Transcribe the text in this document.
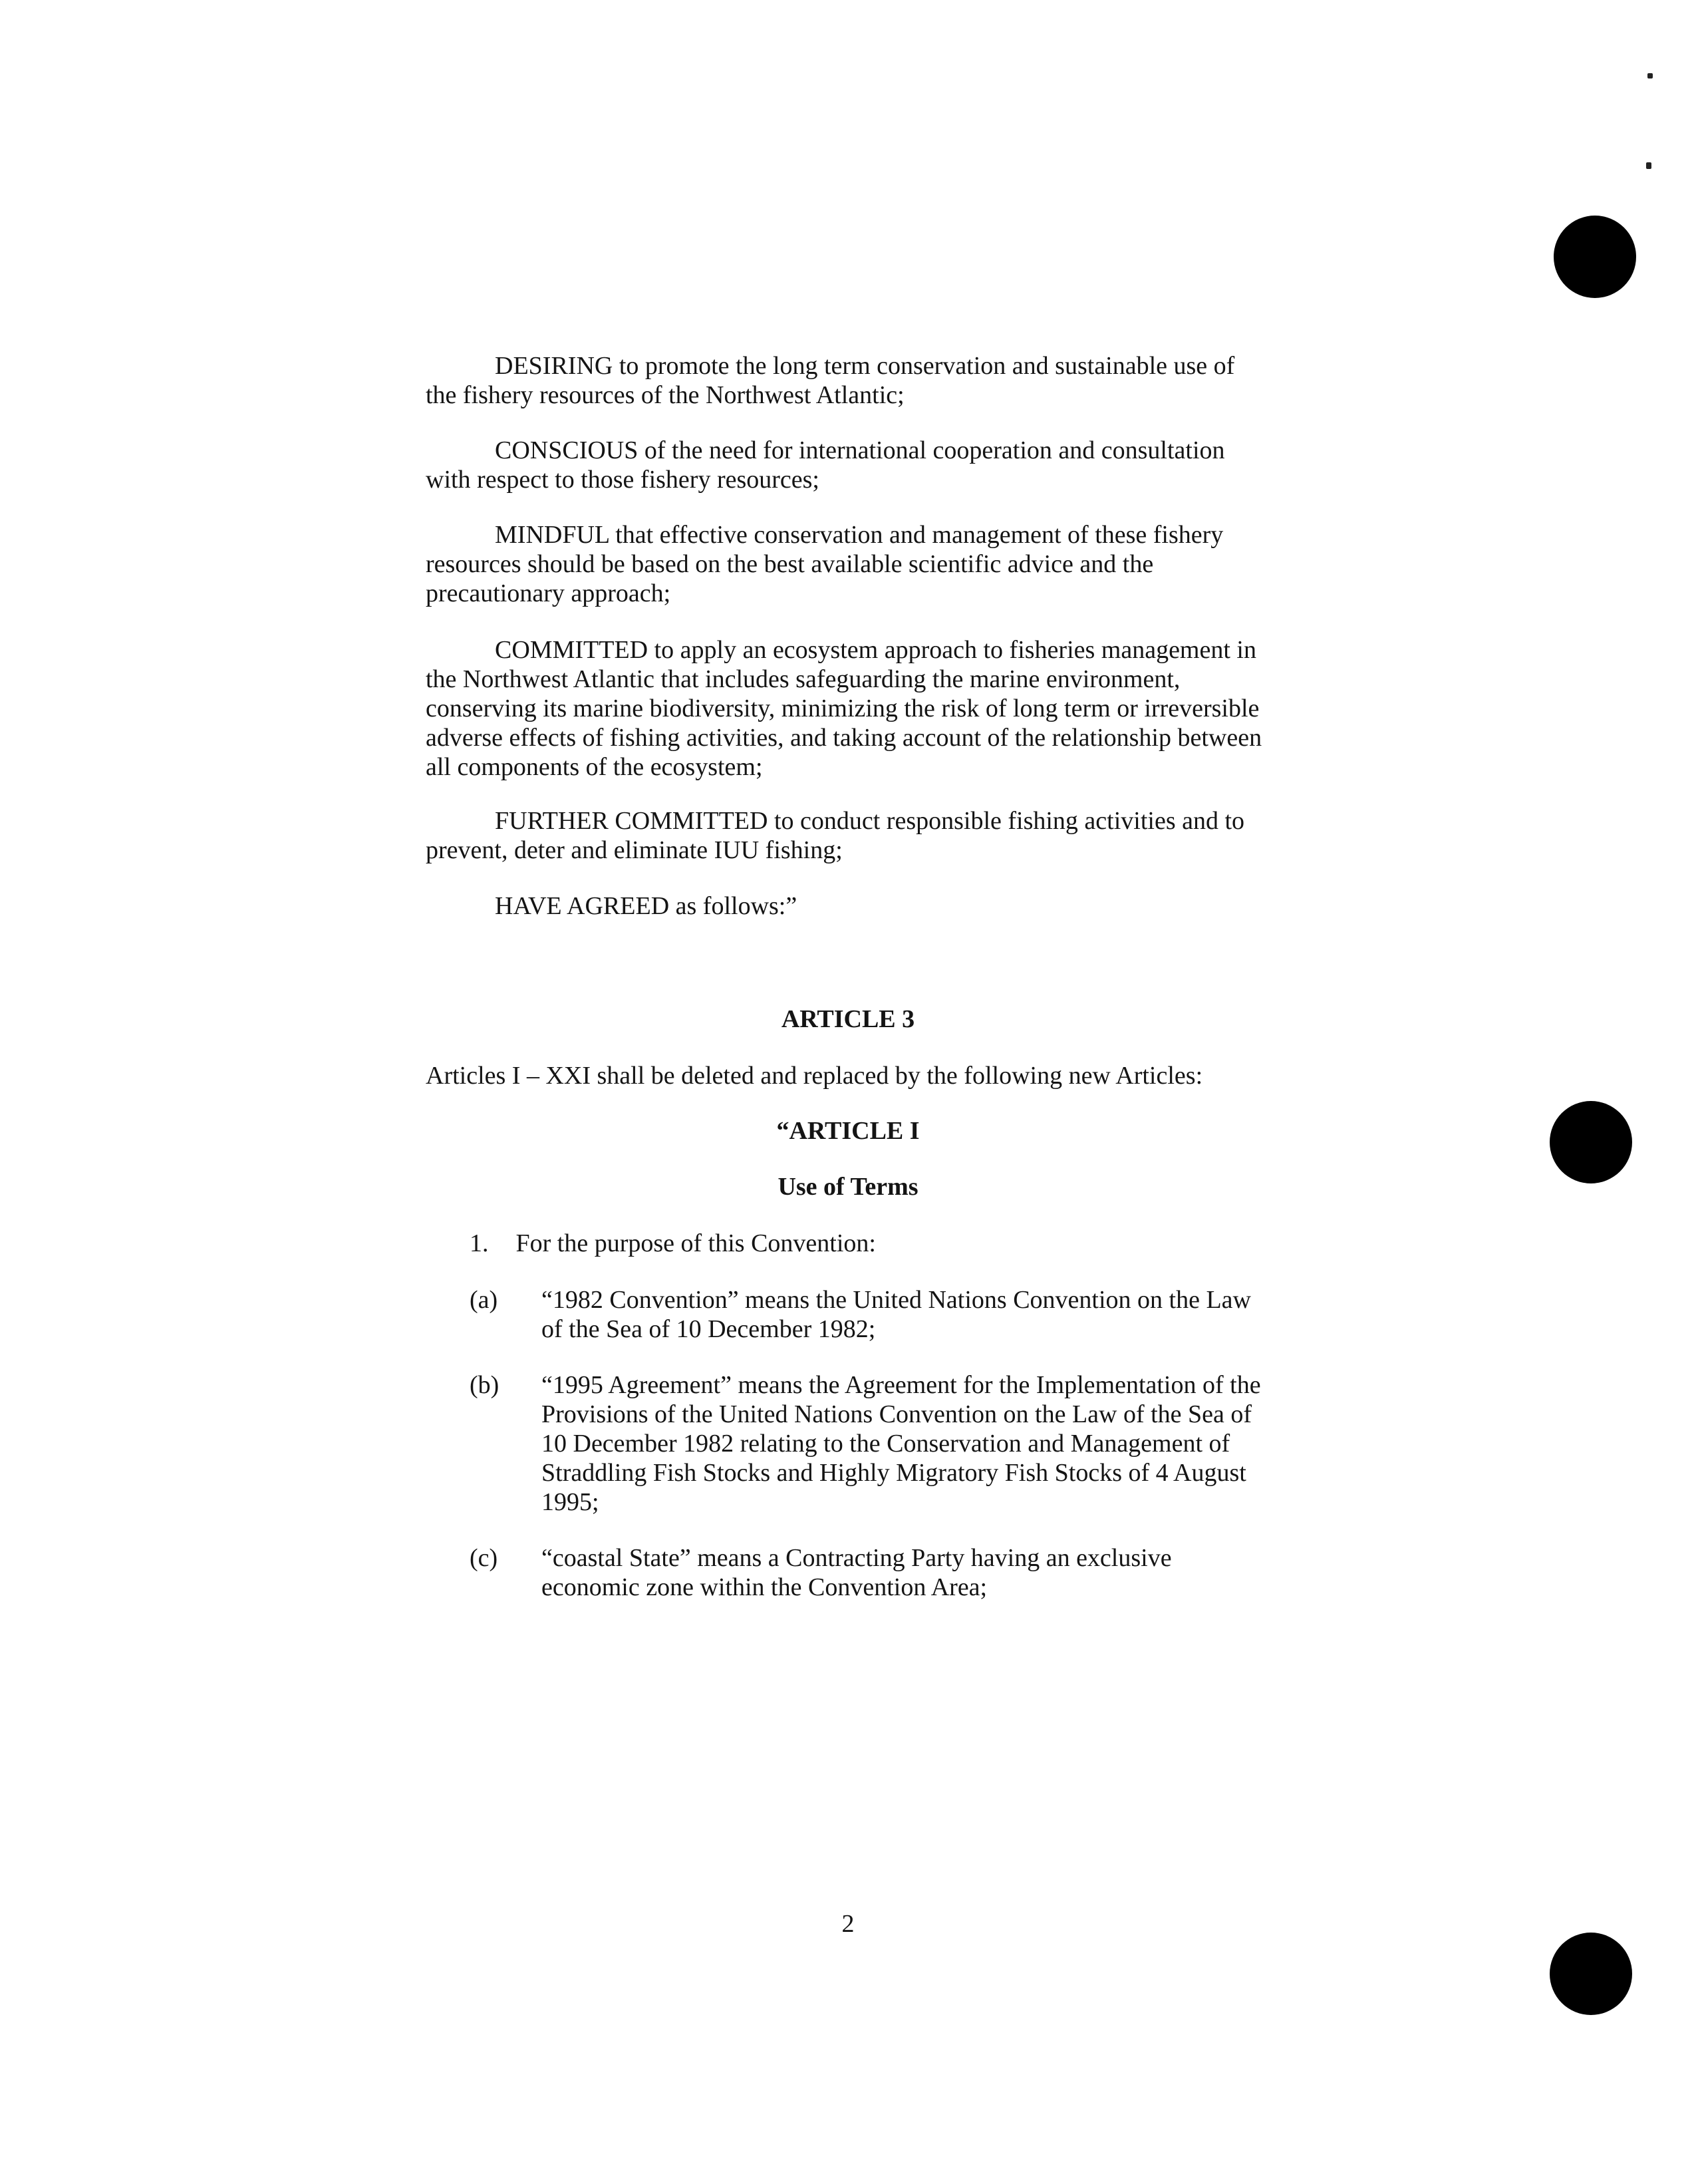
DESIRING to promote the long term conservation and sustainable use of the fishery resources of the Northwest Atlantic;

CONSCIOUS of the need for international cooperation and consultation with respect to those fishery resources;

MINDFUL that effective conservation and management of these fishery resources should be based on the best available scientific advice and the precautionary approach;

COMMITTED to apply an ecosystem approach to fisheries management in the Northwest Atlantic that includes safeguarding the marine environment, conserving its marine biodiversity, minimizing the risk of long term or irreversible adverse effects of fishing activities, and taking account of the relationship between all components of the ecosystem;

FURTHER COMMITTED to conduct responsible fishing activities and to prevent, deter and eliminate IUU fishing;

HAVE AGREED as follows:”

ARTICLE 3

Articles I – XXI shall be deleted and replaced by the following new Articles:

“ARTICLE I

Use of Terms

1. For the purpose of this Convention:
(a)	“1982 Convention” means the United Nations Convention on the Law of the Sea of 10 December 1982;

(b)	“1995 Agreement” means the Agreement for the Implementation of the Provisions of the United Nations Convention on the Law of the Sea of 10 December 1982 relating to the Conservation and Management of Straddling Fish Stocks and Highly Migratory Fish Stocks of 4 August 1995;

(c)	“coastal State” means a Contracting Party having an exclusive economic zone within the Convention Area;

2
